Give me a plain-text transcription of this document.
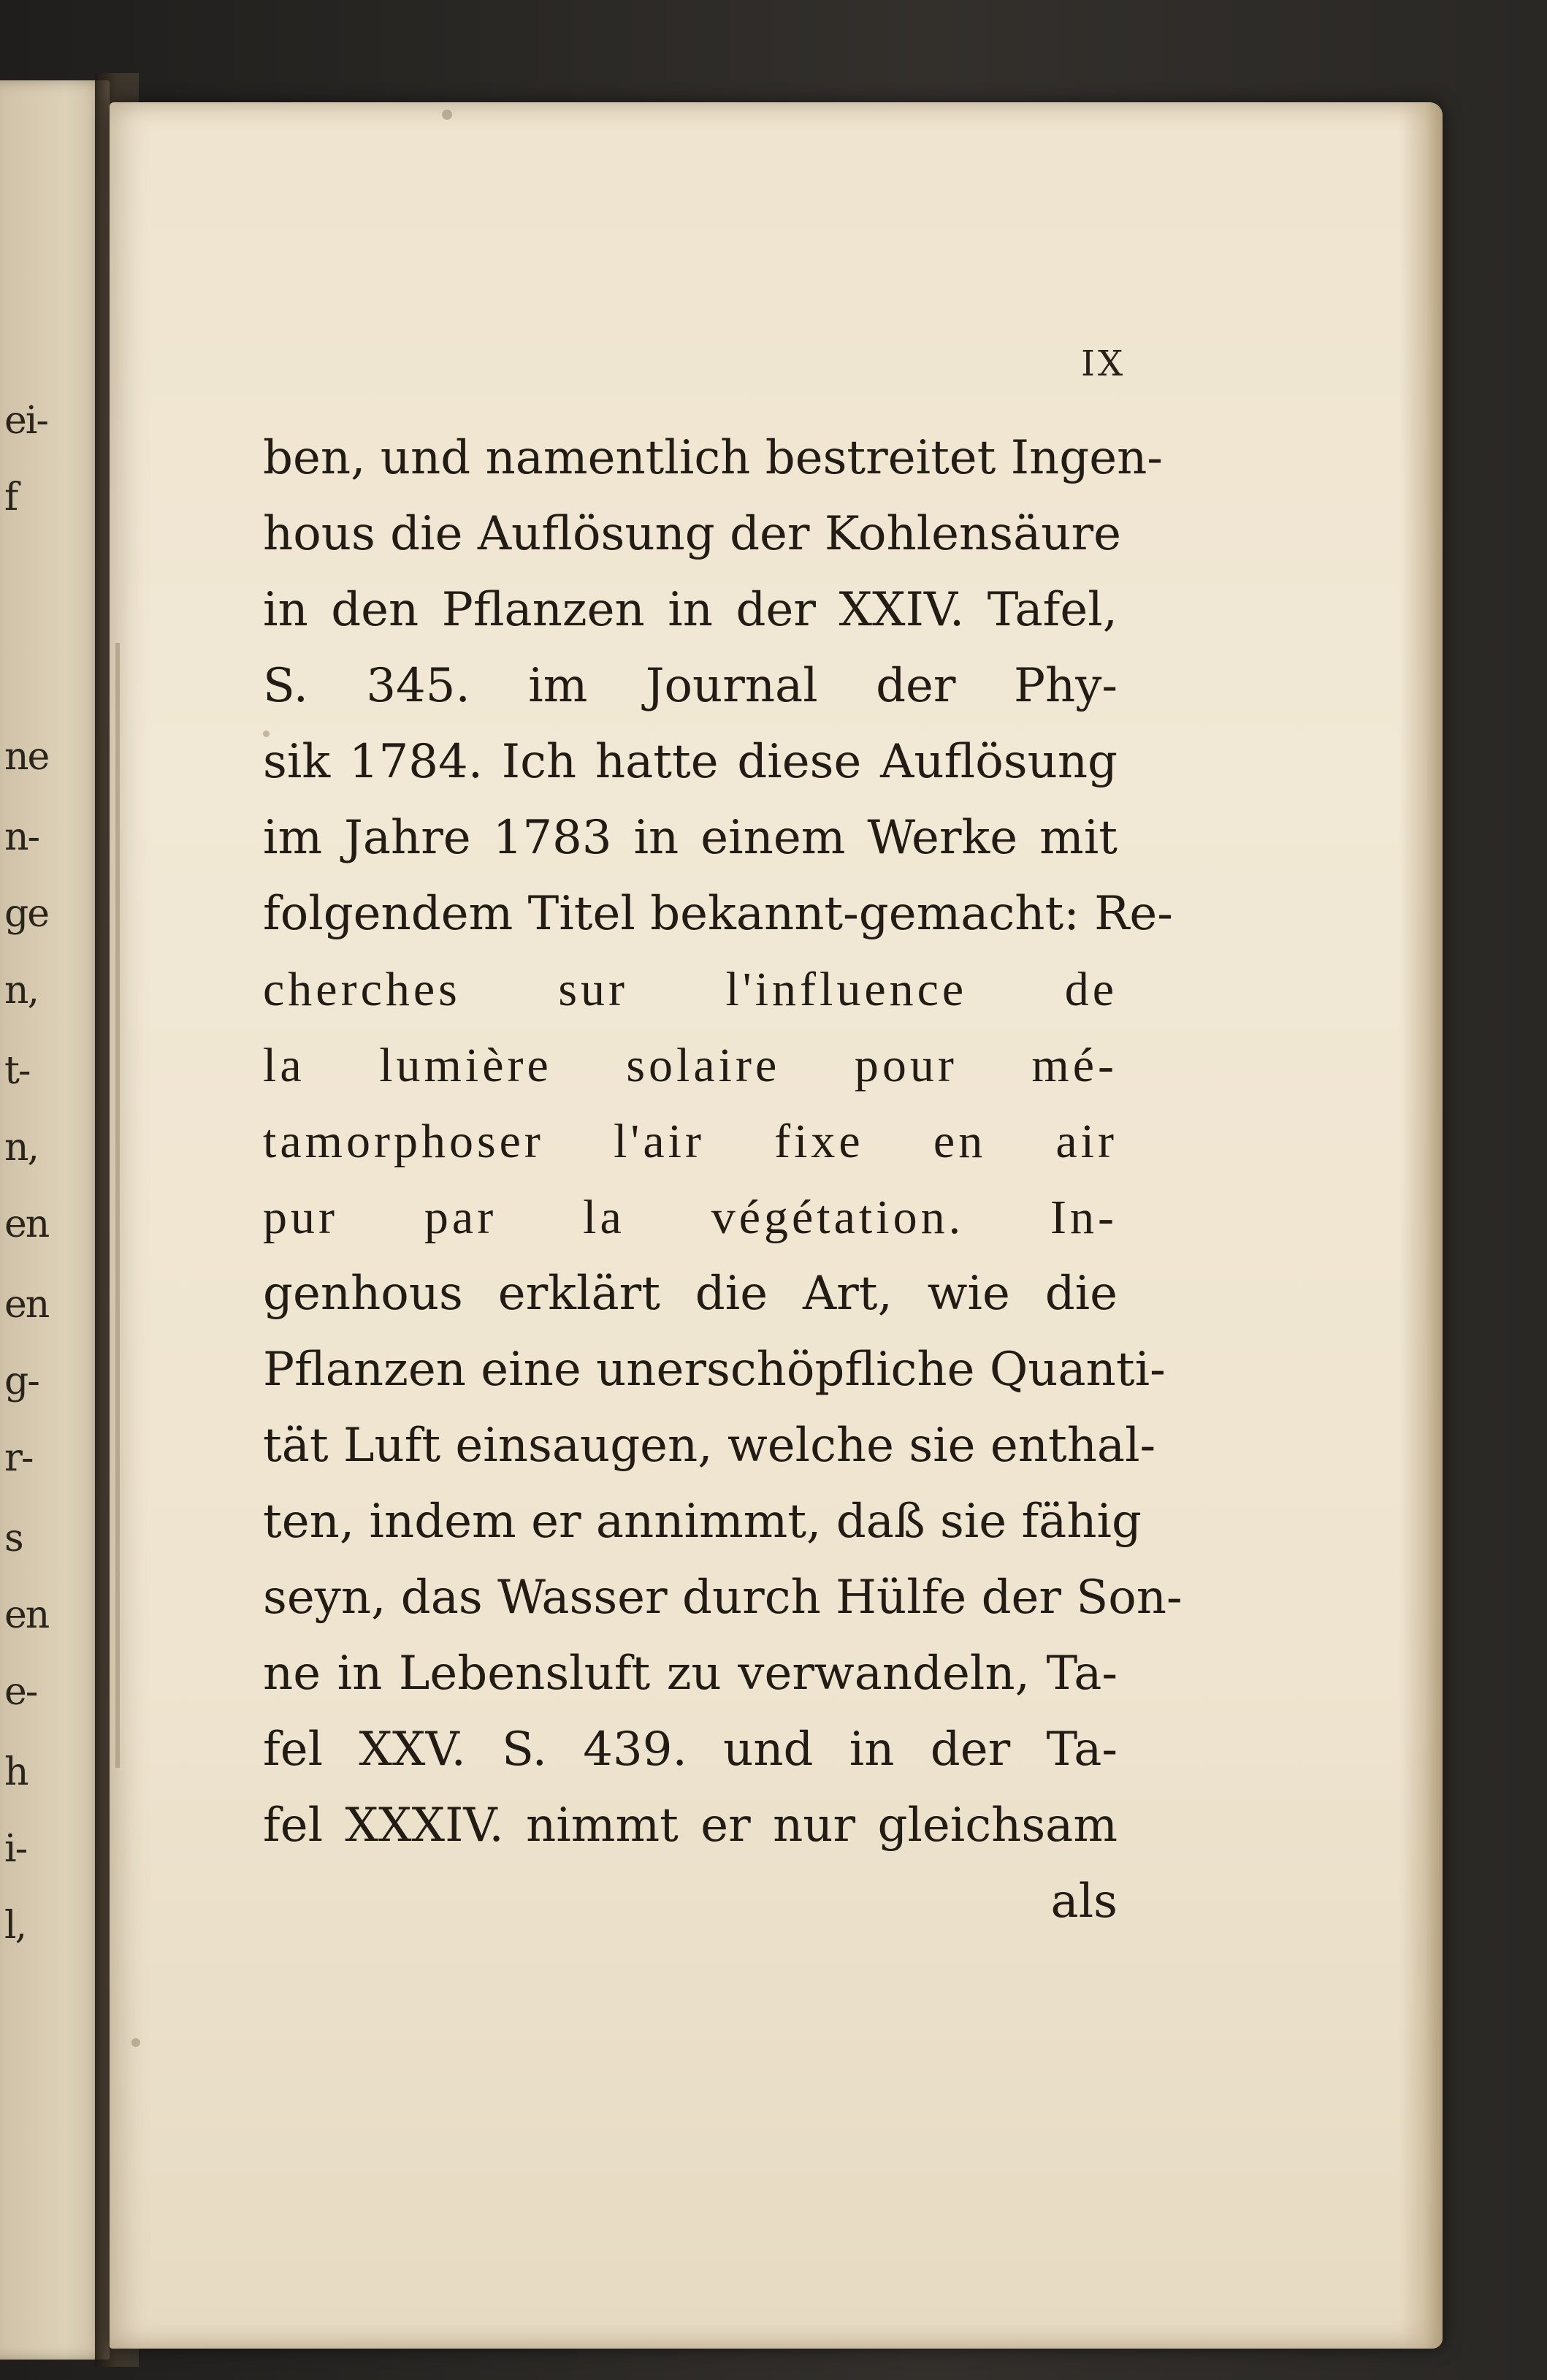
ei-
f
ne
n-
ge
n,
t-
n,
en
en
g-
r-
s
en
e-
h
i-
l,
IX
ben, und namentlich bestreitet Ingen-
hous die Auflösung der Kohlensäure
in den Pflanzen in der XXIV. Tafel,
S. 345. im Journal der Phy-
sik 1784. Ich hatte diese Auflösung
im Jahre 1783 in einem Werke mit
folgendem Titel bekannt-gemacht: Re-
cherches sur l'influence de
la lumière solaire pour mé-
tamorphoser l'air fixe en air
pur par la végétation. In-
genhous erklärt die Art, wie die
Pflanzen eine unerschöpfliche Quanti-
tät Luft einsaugen, welche sie enthal-
ten, indem er annimmt, daß sie fähig
seyn, das Wasser durch Hülfe der Son-
ne in Lebensluft zu verwandeln, Ta-
fel XXV. S. 439. und in der Ta-
fel XXXIV. nimmt er nur gleichsam
als
